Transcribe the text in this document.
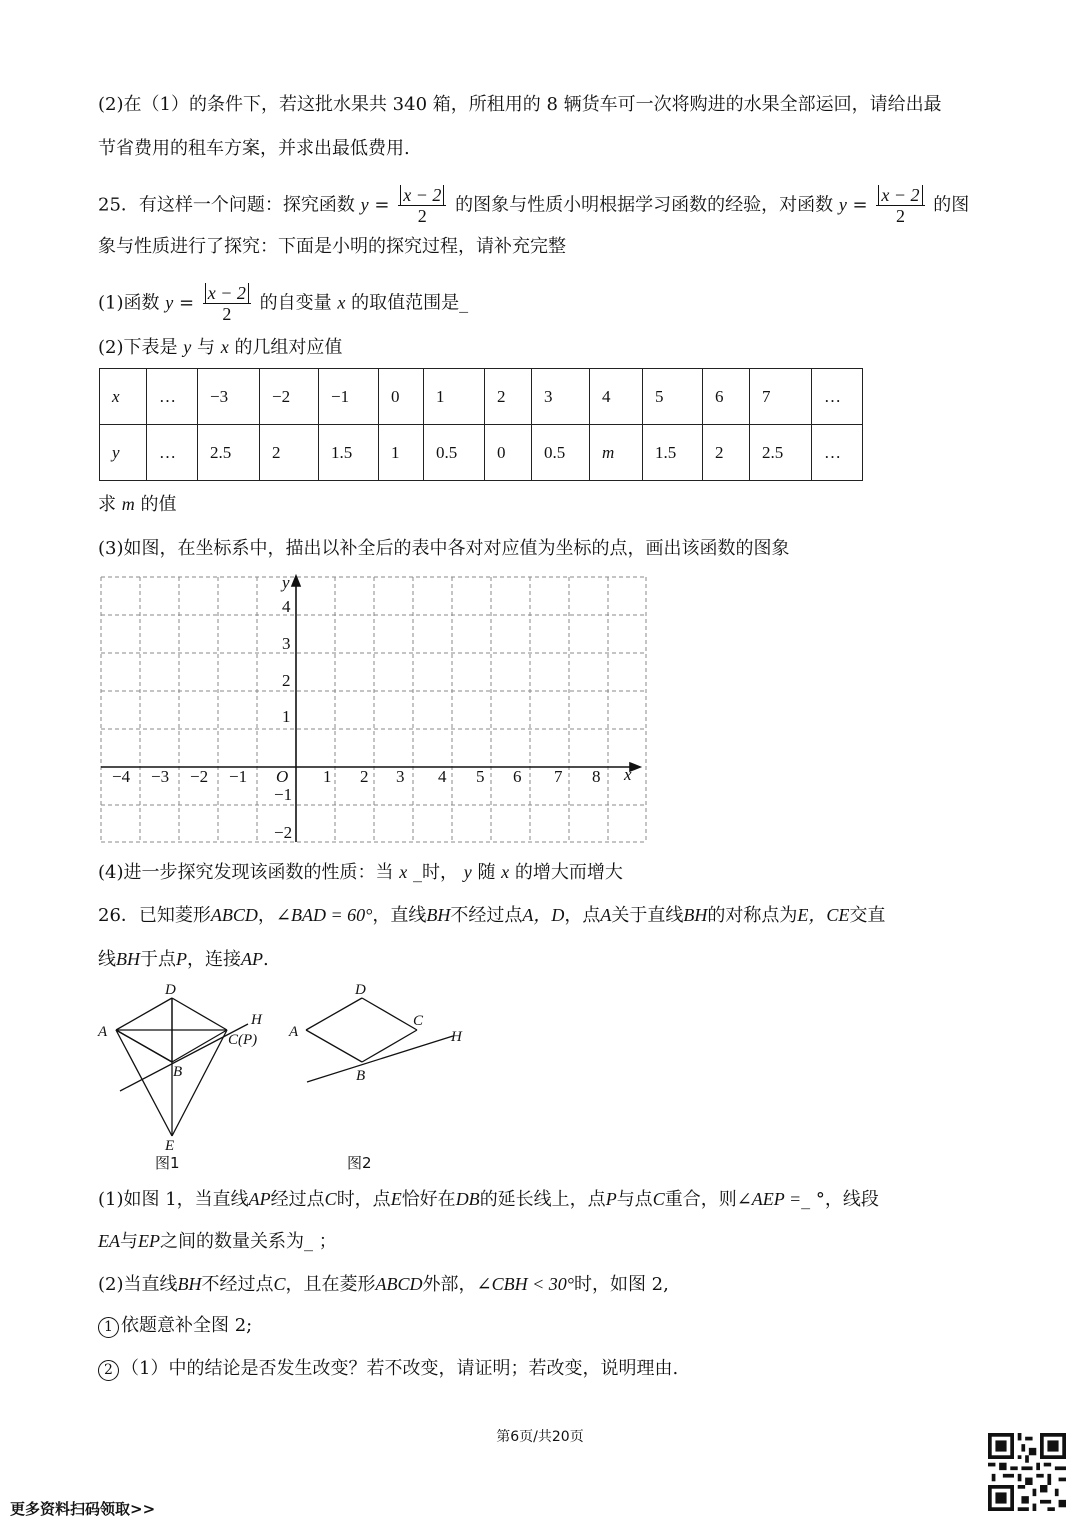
(2)在（1）的条件下，若这批水果共 340 箱，所租用的 8 辆货车可一次将购进的水果全部运回，请给出最
节省费用的租车方案，并求出最低费用.
25．有这样一个问题：探究函数 $y = \frac{x - 2}{2}$ 的图象与性质小明根据学习函数的经验，对函数 $y = \frac{x - 2}{2}$ 的图
象与性质进行了探究：下面是小明的探究过程，请补充完整
(1)函数 $y = \frac{x - 2}{2}$ 的自变量 x 的取值范围是_
(2)下表是 y 与 x 的几组对应值
x	…	−3	−2	−1	0	1	2	3	4	5	6	7	…
y	…	2.5	2	1.5	1	0.5	0	0.5	m	1.5	2	2.5	…
求 m 的值
(3)如图，在坐标系中，描出以补全后的表中各对对应值为坐标的点，画出该函数的图象
−4 −3 −2 −1	1 2 3 4 5 6 7 8
4
3
2
1
−1
−2
O	x
y
(4)进一步探究发现该函数的性质：当 x _时， y 随 x 的增大而增大
26．已知菱形ABCD，∠BAD = 60°，直线BH不经过点A，D，点A关于直线BH的对称点为E，CE交直
线BH于点P，连接AP.
D
A
H
C(P)
B
E
图1
D
A
C
H
B
图2
(1)如图 1，当直线AP经过点C时，点E恰好在DB的延长线上，点P与点C重合，则∠AEP =_ °，线段
EA与EP之间的数量关系为_ ；
(2)当直线BH不经过点C，且在菱形ABCD外部，∠CBH < 30°时，如图 2,
1 依题意补全图 2;
2 （1）中的结论是否发生改变？若不改变，请证明；若改变，说明理由.
第6页/共20页
更多资料扫码领取>>
